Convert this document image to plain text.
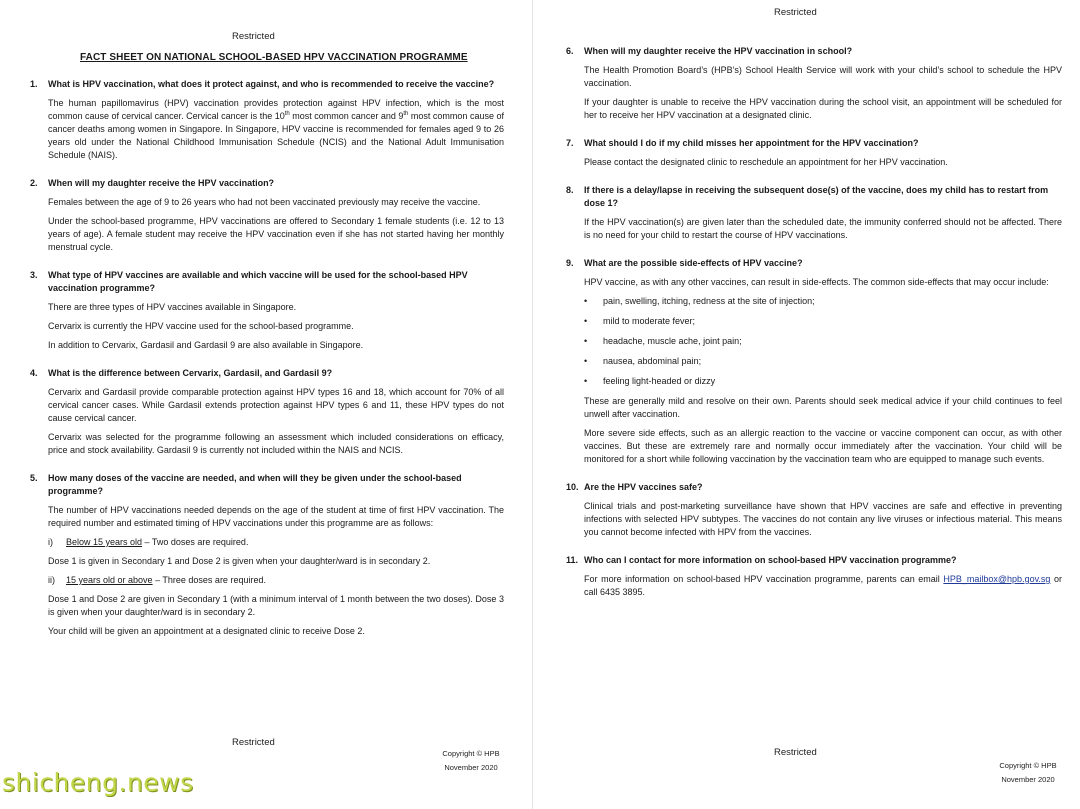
Restricted
FACT SHEET ON NATIONAL SCHOOL-BASED HPV VACCINATION PROGRAMME
1.	What is HPV vaccination, what does it protect against, and who is recommended to receive the vaccine?

The human papillomavirus (HPV) vaccination provides protection against HPV infection, which is the most common cause of cervical cancer. Cervical cancer is the 10th most common cancer and 9th most common cause of cancer deaths among women in Singapore. In Singapore, HPV vaccine is recommended for females aged 9 to 26 years old under the National Childhood Immunisation Schedule (NCIS) and the National Adult Immunisation Schedule (NAIS).

2.	When will my daughter receive the HPV vaccination?

Females between the age of 9 to 26 years who had not been vaccinated previously may receive the vaccine.

Under the school-based programme, HPV vaccinations are offered to Secondary 1 female students (i.e. 12 to 13 years of age). A female student may receive the HPV vaccination even if she has not started having her monthly menstrual cycle.

3.	What type of HPV vaccines are available and which vaccine will be used for the school-based HPV vaccination programme?

There are three types of HPV vaccines available in Singapore.

Cervarix is currently the HPV vaccine used for the school-based programme.

In addition to Cervarix, Gardasil and Gardasil 9 are also available in Singapore.

4.	What is the difference between Cervarix, Gardasil, and Gardasil 9?

Cervarix and Gardasil provide comparable protection against HPV types 16 and 18, which account for 70% of all cervical cancer cases. While Gardasil extends protection against HPV types 6 and 11, these HPV types do not cause cervical cancer.

Cervarix was selected for the programme following an assessment which included considerations on efficacy, price and stock availability. Gardasil 9 is currently not included within the NAIS and NCIS.

5.	How many doses of the vaccine are needed, and when will they be given under the school-based programme?

The number of HPV vaccinations needed depends on the age of the student at time of first HPV vaccination. The required number and estimated timing of HPV vaccinations under this programme are as follows:

i)	Below 15 years old – Two doses are required.

Dose 1 is given in Secondary 1 and Dose 2 is given when your daughter/ward is in secondary 2.

ii)	15 years old or above – Three doses are required.

Dose 1 and Dose 2 are given in Secondary 1 (with a minimum interval of 1 month between the two doses). Dose 3 is given when your daughter/ward is in secondary 2.

Your child will be given an appointment at a designated clinic to receive Dose 2.

Restricted
Copyright © HPB
November 2020
Restricted
6.	When will my daughter receive the HPV vaccination in school?

The Health Promotion Board’s (HPB’s) School Health Service will work with your child’s school to schedule the HPV vaccination.

If your daughter is unable to receive the HPV vaccination during the school visit, an appointment will be scheduled for her to receive her HPV vaccination at a designated clinic.

7.	What should I do if my child misses her appointment for the HPV vaccination?

Please contact the designated clinic to reschedule an appointment for her HPV vaccination.

8.	If there is a delay/lapse in receiving the subsequent dose(s) of the vaccine, does my child has to restart from dose 1?

If the HPV vaccination(s) are given later than the scheduled date, the immunity conferred should not be affected. There is no need for your child to restart the course of HPV vaccinations.

9.	What are the possible side-effects of HPV vaccine?

HPV vaccine, as with any other vaccines, can result in side-effects. The common side-effects that may occur include:

•	pain, swelling, itching, redness at the site of injection;
•	mild to moderate fever;
•	headache, muscle ache, joint pain;
•	nausea, abdominal pain;
•	feeling light-headed or dizzy

These are generally mild and resolve on their own. Parents should seek medical advice if your child continues to feel unwell after vaccination.

More severe side effects, such as an allergic reaction to the vaccine or vaccine component can occur, as with other vaccines. But these are extremely rare and normally occur immediately after the vaccination. Your child will be monitored for a short while following vaccination by the vaccination team who are equipped to manage such events.

10. Are the HPV vaccines safe?

Clinical trials and post-marketing surveillance have shown that HPV vaccines are safe and effective in preventing infections with selected HPV subtypes. The vaccines do not contain any live viruses or infectious material. This means you cannot become infected with HPV from the vaccines.

11. Who can I contact for more information on school-based HPV vaccination programme?

For more information on school-based HPV vaccination programme, parents can email HPB_mailbox@hpb.gov.sg or call 6435 3895.

Restricted
Copyright © HPB
November 2020
shicheng.news
